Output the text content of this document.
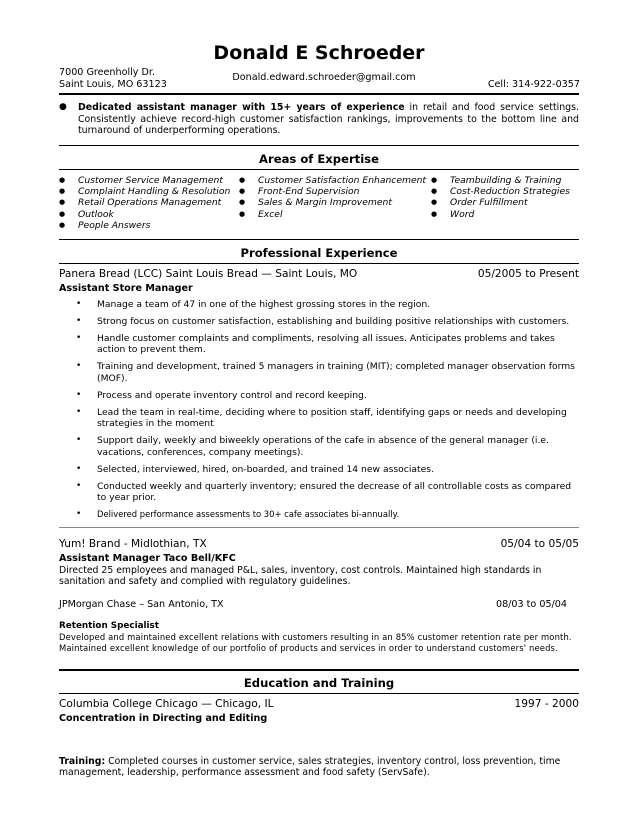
Donald E Schroeder
7000 Greenholly Dr.
Saint Louis, MO 63123
Donald.edward.schroeder@gmail.com
Cell: 314-922-0357
● Dedicated assistant manager with 15+ years of experience in retail and food service settings. Consistently achieve record-high customer satisfaction rankings, improvements to the bottom line and turnaround of underperforming operations.
Areas of Expertise
● Customer Service Management
● Complaint Handling & Resolution
● Retail Operations Management
● Outlook
● People Answers
● Customer Satisfaction Enhancement
● Front-End Supervision
● Sales & Margin Improvement
● Excel
● Teambuilding & Training
● Cost-Reduction Strategies
● Order Fulfillment
● Word
Professional Experience
Panera Bread (LCC) Saint Louis Bread — Saint Louis, MO	05/2005 to Present
Assistant Store Manager
• Manage a team of 47 in one of the highest grossing stores in the region.
• Strong focus on customer satisfaction, establishing and building positive relationships with customers.
• Handle customer complaints and compliments, resolving all issues. Anticipates problems and takes action to prevent them.
• Training and development, trained 5 managers in training (MIT); completed manager observation forms (MOF).
• Process and operate inventory control and record keeping.
• Lead the team in real-time, deciding where to position staff, identifying gaps or needs and developing strategies in the moment
• Support daily, weekly and biweekly operations of the cafe in absence of the general manager (i.e. vacations, conferences, company meetings).
• Selected, interviewed, hired, on-boarded, and trained 14 new associates.
• Conducted weekly and quarterly inventory; ensured the decrease of all controllable costs as compared to year prior.
• Delivered performance assessments to 30+ cafe associates bi-annually.
Yum! Brand - Midlothian, TX	05/04 to 05/05
Assistant Manager Taco Bell/KFC
Directed 25 employees and managed P&L, sales, inventory, cost controls. Maintained high standards in sanitation and safety and complied with regulatory guidelines.
JPMorgan Chase – San Antonio, TX	08/03 to 05/04
Retention Specialist
Developed and maintained excellent relations with customers resulting in an 85% customer retention rate per month. Maintained excellent knowledge of our portfolio of products and services in order to understand customers' needs.
Education and Training
Columbia College Chicago — Chicago, IL	1997 - 2000
Concentration in Directing and Editing
Training: Completed courses in customer service, sales strategies, inventory control, loss prevention, time management, leadership, performance assessment and food safety (ServSafe).
